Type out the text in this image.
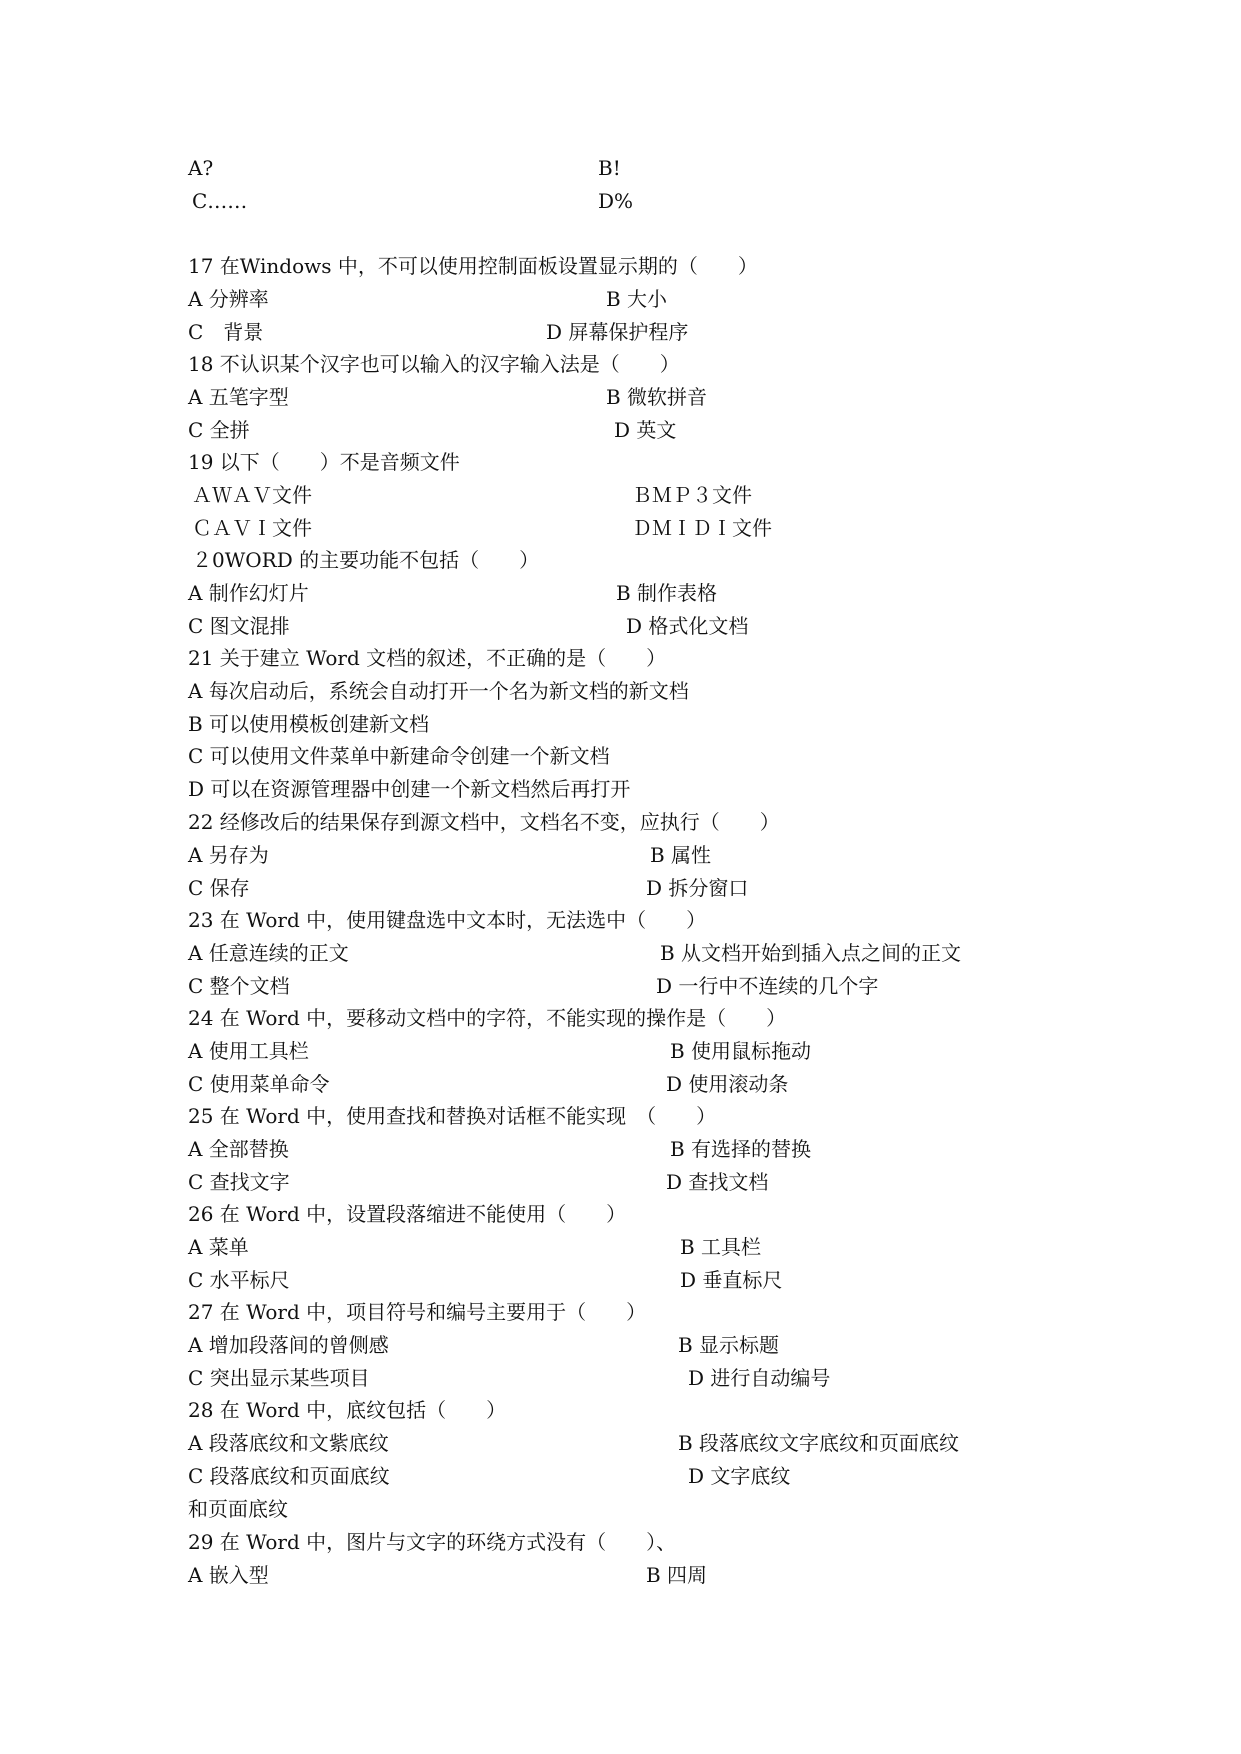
A?	B!
C……	D%
17 在Windows 中，不可以使用控制面板设置显示期的（　　）
A 分辨率	B 大小
C　背景	D 屏幕保护程序
18 不认识某个汉字也可以输入的汉字输入法是（　　）
A 五笔字型	B 微软拼音
C 全拼	D 英文
19 以下（　　）不是音频文件
ＡＷＡＶ文件	ＢＭＰ３文件
ＣＡＶＩ文件	ＤＭＩＤＩ文件
２0WORD 的主要功能不包括（　　）
A 制作幻灯片	B 制作表格
C 图文混排	D 格式化文档
21 关于建立 Word 文档的叙述，不正确的是（　　）
A 每次启动后，系统会自动打开一个名为新文档的新文档
B 可以使用模板创建新文档
C 可以使用文件菜单中新建命令创建一个新文档
D 可以在资源管理器中创建一个新文档然后再打开
22 经修改后的结果保存到源文档中，文档名不变，应执行（　　）
A 另存为	B 属性
C 保存	D 拆分窗口
23 在 Word 中，使用键盘选中文本时，无法选中（　　）
A 任意连续的正文	B 从文档开始到插入点之间的正文
C 整个文档	D 一行中不连续的几个字
24 在 Word 中，要移动文档中的字符，不能实现的操作是（　　）
A 使用工具栏	B 使用鼠标拖动
C 使用菜单命令	D 使用滚动条
25 在 Word 中，使用查找和替换对话框不能实现　（　　）
A 全部替换	B 有选择的替换
C 查找文字	D 查找文档
26 在 Word 中，设置段落缩进不能使用（　　）
A 菜单	B 工具栏
C 水平标尺	D 垂直标尺
27 在 Word 中，项目符号和编号主要用于（　　）
A 增加段落间的曾侧感	B 显示标题
C 突出显示某些项目	D 进行自动编号
28 在 Word 中，底纹包括（　　）
A 段落底纹和文紫底纹	B 段落底纹文字底纹和页面底纹
C 段落底纹和页面底纹	D 文字底纹
和页面底纹
29 在 Word 中，图片与文字的环绕方式没有（　　）、
A 嵌入型	B 四周
